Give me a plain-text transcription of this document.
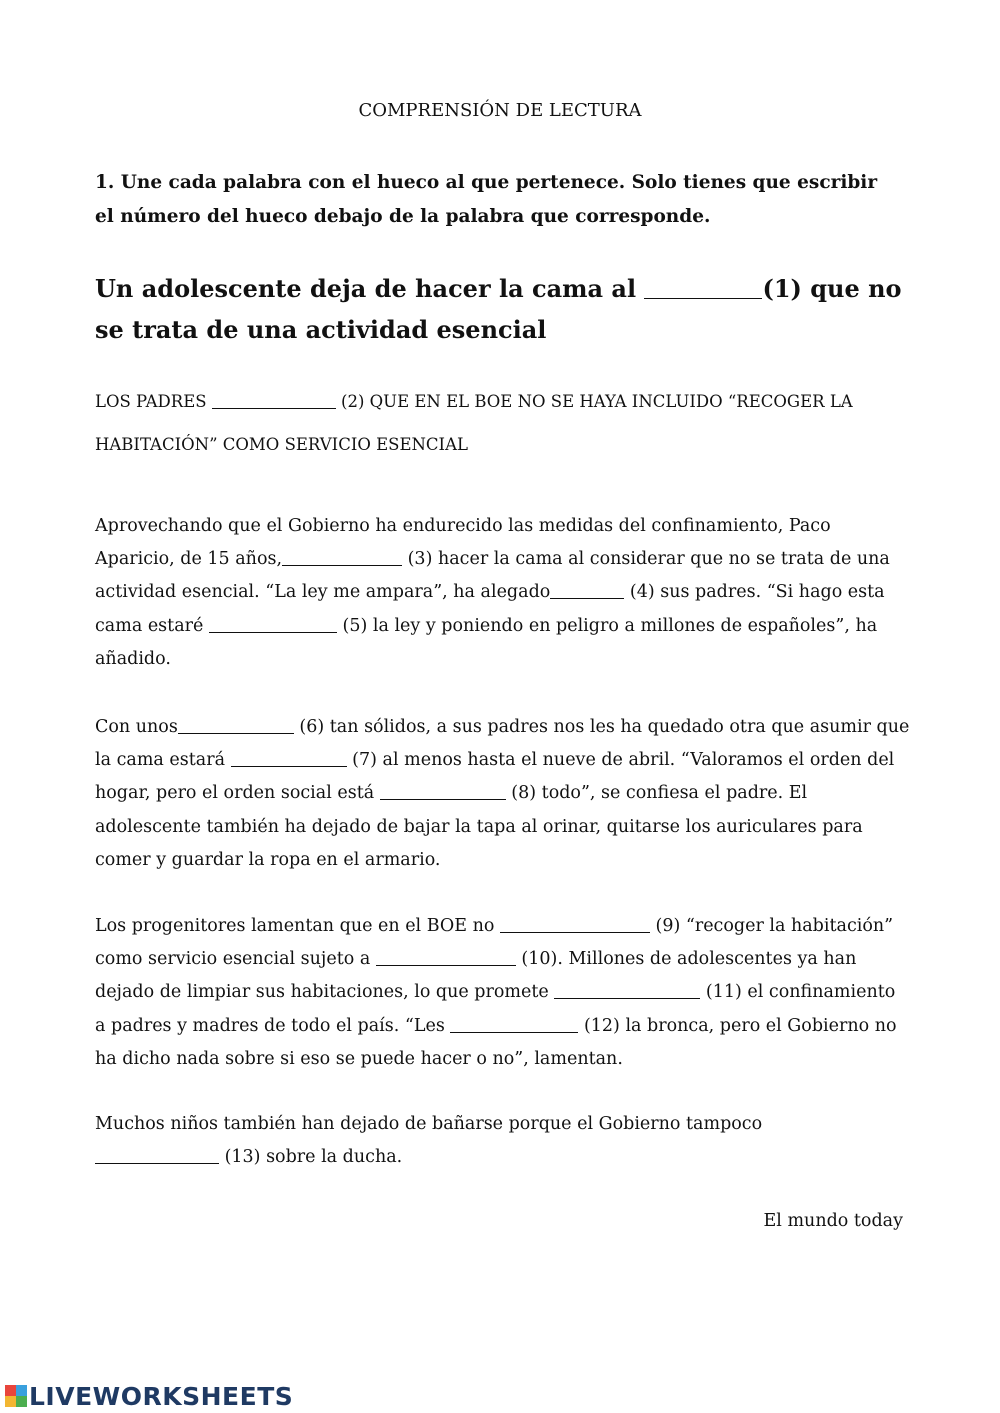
COMPRENSIÓN DE LECTURA
1. Une cada palabra con el hueco al que pertenece. Solo tienes que escribir el número del hueco debajo de la palabra que corresponde.
Un adolescente deja de hacer la cama al	(1) que no se trata de una actividad esencial
LOS PADRES	(2) QUE EN EL BOE NO SE HAYA INCLUIDO “RECOGER LA HABITACIÓN” COMO SERVICIO ESENCIAL
Aprovechando que el Gobierno ha endurecido las medidas del confinamiento, Paco Aparicio, de 15 años,	(3) hacer la cama al considerar que no se trata de una actividad esencial. “La ley me ampara”, ha alegado	(4) sus padres. “Si hago esta cama estaré	(5) la ley y poniendo en peligro a millones de españoles”, ha añadido.
Con unos	(6) tan sólidos, a sus padres nos les ha quedado otra que asumir que la cama estará	(7) al menos hasta el nueve de abril. “Valoramos el orden del hogar, pero el orden social está	(8) todo”, se confiesa el padre. El adolescente también ha dejado de bajar la tapa al orinar, quitarse los auriculares para comer y guardar la ropa en el armario.
Los progenitores lamentan que en el BOE no	(9) “recoger la habitación” como servicio esencial sujeto a	(10). Millones de adolescentes ya han dejado de limpiar sus habitaciones, lo que promete	(11) el confinamiento a padres y madres de todo el país. “Les	(12) la bronca, pero el Gobierno no ha dicho nada sobre si eso se puede hacer o no”, lamentan.
Muchos niños también han dejado de bañarse porque el Gobierno tampoco  (13) sobre la ducha.
El mundo today
LIVEWORKSHEETS
